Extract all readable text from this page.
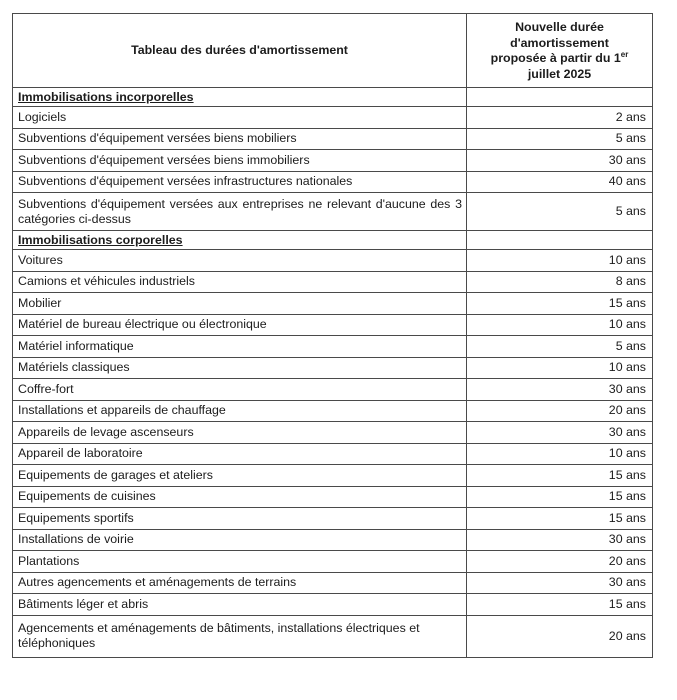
Tableau des durées d'amortissement	Nouvelle durée
d'amortissement
proposée à partir du 1er
juillet 2025
Immobilisations incorporelles	
Logiciels	2 ans
Subventions d'équipement versées biens mobiliers	5 ans
Subventions d'équipement versées biens immobiliers	30 ans
Subventions d'équipement versées infrastructures nationales	40 ans
Subventions d'équipement versées aux entreprises ne relevant d'aucune des 3 catégories ci-dessus	5 ans
Immobilisations corporelles	
Voitures	10 ans
Camions et véhicules industriels	8 ans
Mobilier	15 ans
Matériel de bureau électrique ou électronique	10 ans
Matériel informatique	5 ans
Matériels classiques	10 ans
Coffre-fort	30 ans
Installations et appareils de chauffage	20 ans
Appareils de levage ascenseurs	30 ans
Appareil de laboratoire	10 ans
Equipements de garages et ateliers	15 ans
Equipements de cuisines	15 ans
Equipements sportifs	15 ans
Installations de voirie	30 ans
Plantations	20 ans
Autres agencements et aménagements de terrains	30 ans
Bâtiments léger et abris	15 ans
Agencements et aménagements de bâtiments, installations électriques et téléphoniques	20 ans
